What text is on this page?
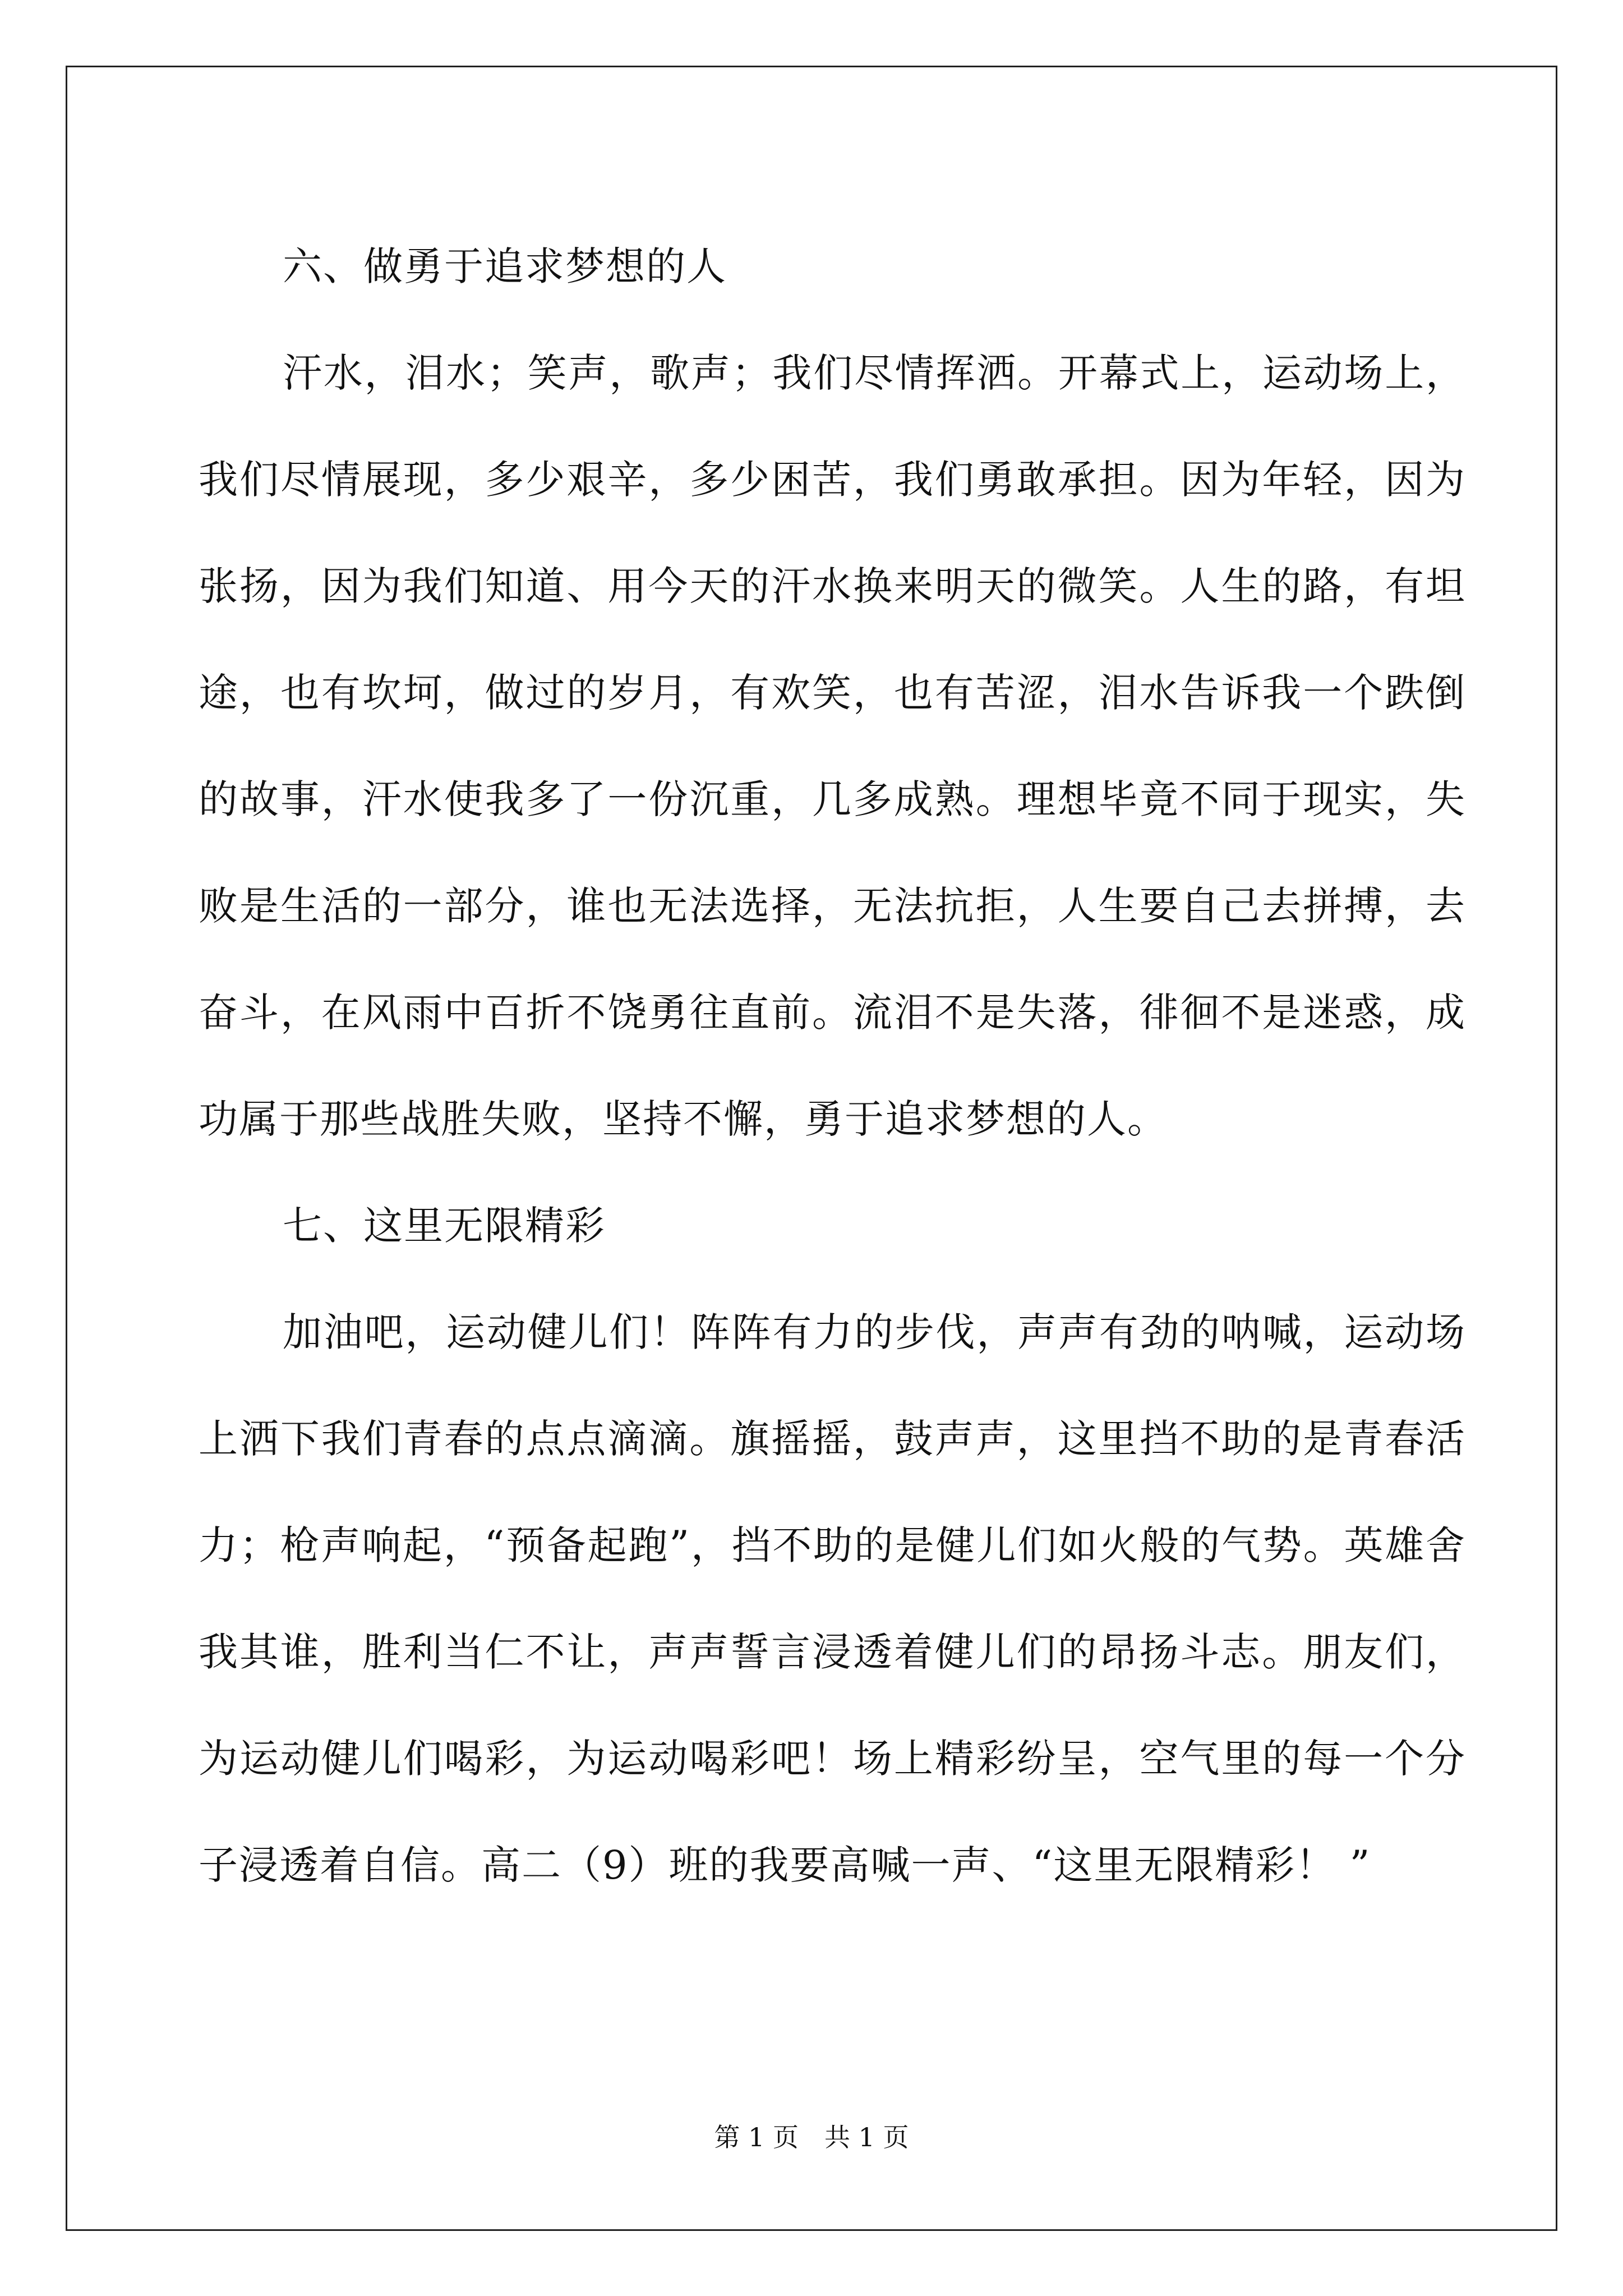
六、做勇于追求梦想的人

汗水，泪水；笑声，歌声；我们尽情挥洒。开幕式上，运动场上，我们尽情展现，多少艰辛，多少困苦，我们勇敢承担。因为年轻，因为张扬，因为我们知道、用今天的汗水换来明天的微笑。人生的路，有坦途，也有坎坷，做过的岁月，有欢笑，也有苦涩，泪水告诉我一个跌倒的故事，汗水使我多了一份沉重，几多成熟。理想毕竟不同于现实，失败是生活的一部分，谁也无法选择，无法抗拒，人生要自己去拼搏，去奋斗，在风雨中百折不饶勇往直前。流泪不是失落，徘徊不是迷惑，成功属于那些战胜失败，坚持不懈，勇于追求梦想的人。

七、这里无限精彩

加油吧，运动健儿们！阵阵有力的步伐，声声有劲的呐喊，运动场上洒下我们青春的点点滴滴。旗摇摇，鼓声声，这里挡不助的是青春活力；枪声响起，“预备起跑”，挡不助的是健儿们如火般的气势。英雄舍我其谁，胜利当仁不让，声声誓言浸透着健儿们的昂扬斗志。朋友们，为运动健儿们喝彩，为运动喝彩吧！场上精彩纷呈，空气里的每一个分子浸透着自信。高二（9）班的我要高喊一声、“这里无限精彩！ ”

第 1 页　共 1 页
